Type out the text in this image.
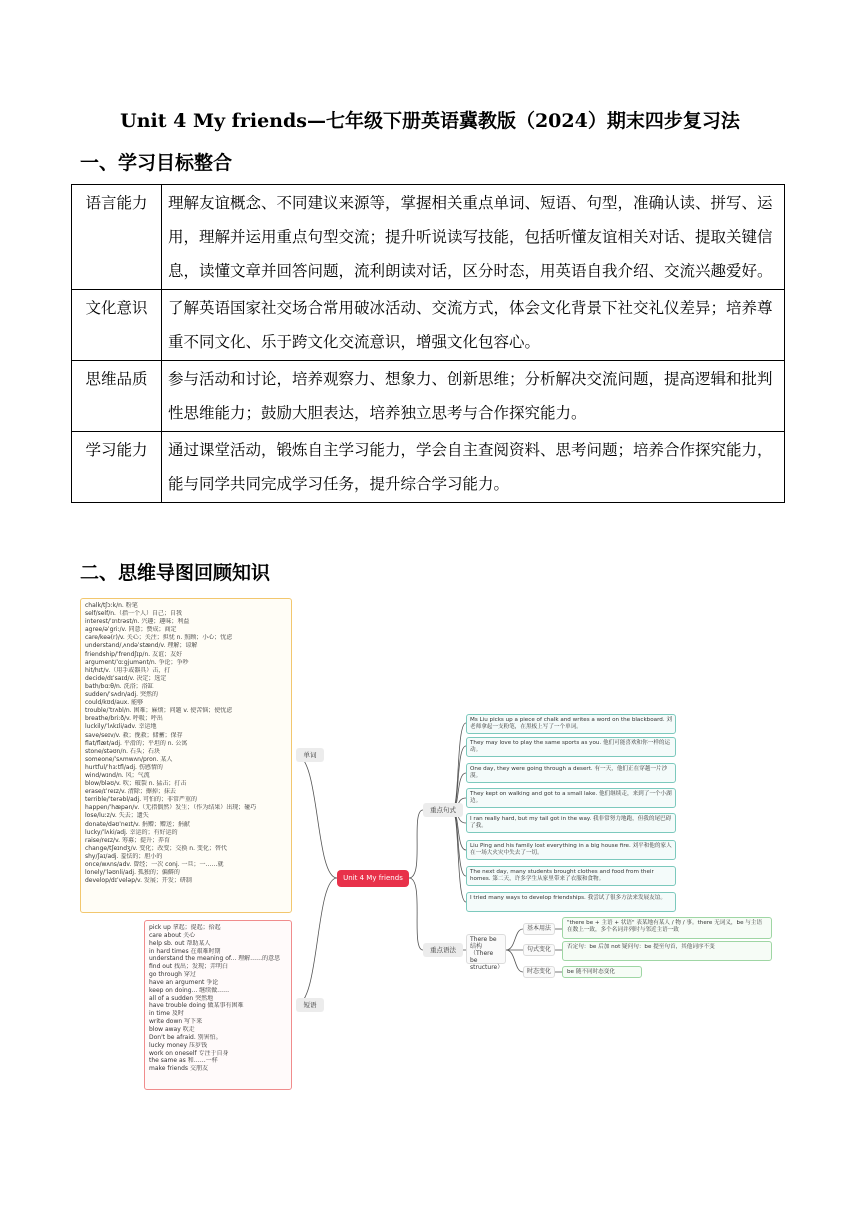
Unit 4 My friends—七年级下册英语冀教版（2024）期末四步复习法
一、学习目标整合
语言能力	理解友谊概念、不同建议来源等，掌握相关重点单词、短语、句型，准确认读、拼写、运用，理解并运用重点句型交流；提升听说读写技能，包括听懂友谊相关对话、提取关键信息，读懂文章并回答问题，流利朗读对话，区分时态，用英语自我介绍、交流兴趣爱好。
文化意识	了解英语国家社交场合常用破冰活动、交流方式，体会文化背景下社交礼仪差异；培养尊重不同文化、乐于跨文化交流意识，增强文化包容心。
思维品质	参与活动和讨论，培养观察力、想象力、创新思维；分析解决交流问题，提高逻辑和批判性思维能力；鼓励大胆表达，培养独立思考与合作探究能力。
学习能力	通过课堂活动，锻炼自主学习能力，学会自主查阅资料、思考问题；培养合作探究能力，能与同学共同完成学习任务，提升综合学习能力。
二、思维导图回顾知识
chalk/tʃɔːk/n. 粉笔
self/self/n.（指一个人）自己；自我
interest/ˈɪntrəst/n. 兴趣；趣味；利益
agree/əˈgriː/v. 同意；赞成；商定
care/keə(r)/v. 关心；关注；担忧 n. 照顾；小心；忧虑
understand/ˌʌndəˈstænd/v. 理解；谅解
friendship/ˈfrendʃɪp/n. 友谊；友好
argument/ˈɑːgjumənt/n. 争论；争吵
hit/hɪt/v.（用手或器具）击，打
decide/dɪˈsaɪd/v. 决定；选定
bath/bɑːθ/n. 洗浴；浴缸
sudden/ˈsʌdn/adj. 突然的
could/kʊd/aux. 能够
trouble/ˈtrʌbl/n. 困难；麻烦；问题 v. 使苦恼；使忧虑
breathe/briːð/v. 呼吸；呼出
luckily/ˈlʌkɪli/adv. 幸运地
save/seɪv/v. 救；挽救；储蓄；保存
flat/flæt/adj. 平滑的；平坦的 n. 公寓
stone/stəʊn/n. 石头；石块
someone/ˈsʌmwʌn/pron. 某人
hurtful/ˈhɜːtfl/adj. 伤感情的
wind/wɪnd/n. 风；气流
blow/bləʊ/v. 吹；破裂 n. 猛击；打击
erase/ɪˈreɪz/v. 清除；擦掉；抹去
terrible/ˈterəbl/adj. 可怕的；非常严重的
happen/ˈhæpən/v.（无指偶然）发生；（作为结果）出现；碰巧
lose/luːz/v. 失去；遗失
donate/dəʊˈneɪt/v. 捐赠；赠送；捐献
lucky/ˈlʌki/adj. 幸运的；有好运的
raise/reɪz/v. 筹募；提升；养育
change/tʃeɪndʒ/v. 变化；改变；交换 n. 变化；替代
shy/ʃaɪ/adj. 羞怯的；胆小的
once/wʌns/adv. 曾经；一次 conj. 一旦；一……就
lonely/ˈləʊnli/adj. 孤独的；偏僻的
develop/dɪˈveləp/v. 发展；开发；研制
pick up 拿起；提起；拾起
care about 关心
help sb. out 帮助某人
in hard times 在艰难时期
understand the meaning of... 理解……的意思
find out 找出；发现；弄明白
go through 穿过
have an argument 争论
keep on doing... 继续做……
all of a sudden 突然地
have trouble doing 做某事有困难
in time 及时
write down 写下来
blow away 吹走
Don't be afraid. 别害怕。
lucky money 压岁钱
work on oneself 专注于自身
the same as 和……一样
make friends 交朋友
单词
短语
Unit 4 My friends
重点句式
重点语法
Ms Liu picks up a piece of chalk and writes a word on the blackboard. 刘老师拿起一支粉笔，在黑板上写了一个单词。
They may love to play the same sports as you. 他们可能喜欢和你一样的运动。
One day, they were going through a desert. 有一天，他们正在穿越一片沙漠。
They kept on walking and got to a small lake. 他们继续走，来到了一个小湖边。
I ran really hard, but my tail got in the way. 我非常努力地跑，但我的尾巴碍了我。
Liu Ping and his family lost everything in a big house fire. 刘平和他的家人在一场大火灾中失去了一切。
The next day, many students brought clothes and food from their homes. 第二天，许多学生从家里带来了衣服和食物。
I tried many ways to develop friendships. 我尝试了很多方法来发展友谊。
There be 结构（There be structure）
基本用法
句式变化
时态变化
"there be + 主语 + 状语" 表某地有某人 / 物 / 事。there 无词义，be 与主语在数上一致，多个名词并列时与邻近主语一致
否定句：be 后加 not 疑问句：be 提至句首，其他词序不变
be 随不同时态变化
